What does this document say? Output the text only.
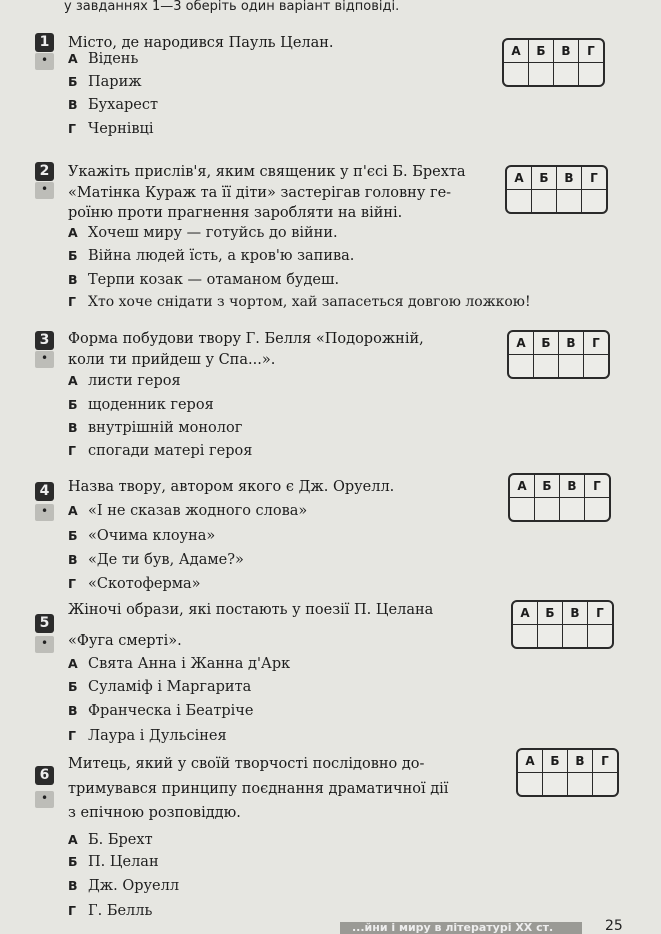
у завданнях 1—3 оберіть один варіант відповіді.
1
•
Місто, де народився Пауль Целан.
А Відень
Б Париж
В Бухарест
Г Чернівці
А	Б	В	Г

2
•
Укажіть прислів'я, яким священик у п'єсі Б. Брехта
«Матінка Кураж та її діти» застерігав головну ге-
роїню проти прагнення заробляти на війні.
А Хочеш миру — готуйсь до війни.
Б Війна людей їсть, а кров'ю запива.
В Терпи козак — отаманом будеш.
Г Хто хоче снідати з чортом, хай запасеться довгою ложкою!
А	Б	В	Г

3
•
Форма побудови твору Г. Белля «Подорожній,
коли ти прийдеш у Спа...».
А листи героя
Б щоденник героя
В внутрішній монолог
Г спогади матері героя
А	Б	В	Г

4
•
Назва твору, автором якого є Дж. Оруелл.
А «І не сказав жодного слова»
Б «Очима клоуна»
В «Де ти був, Адаме?»
Г «Скотоферма»
А	Б	В	Г

5
•
Жіночі образи, які постають у поезії П. Целана
«Фуга смерті».
А Свята Анна і Жанна д'Арк
Б Суламіф і Маргарита
В Франческа і Беатріче
Г Лаура і Дульсінея
А	Б	В	Г

6
•
Митець, який у своїй творчості послідовно до-
тримувався принципу поєднання драматичної дії
з епічною розповіддю.
А Б. Брехт
Б П. Целан
В Дж. Оруелл
Г Г. Белль
А	Б	В	Г

...йни і миру в літературі XX ст.	25
